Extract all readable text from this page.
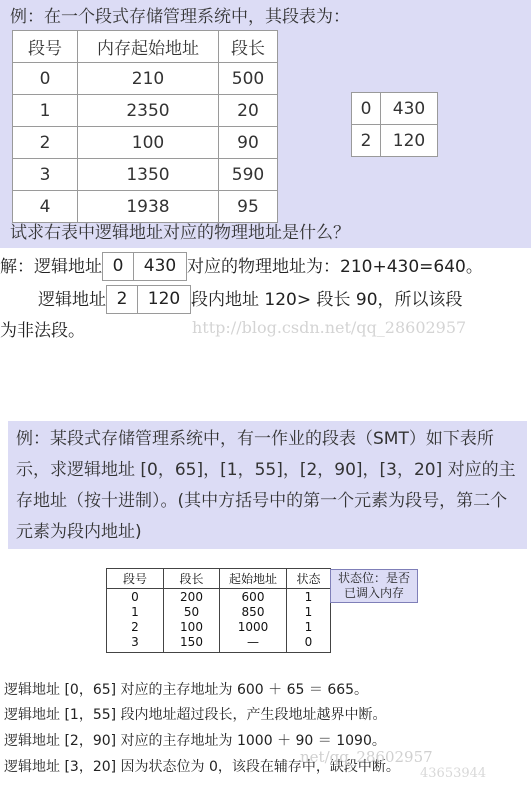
例：在一个段式存储管理系统中，其段表为：
段号	内存起始地址	段长
0	210	500
1	2350	20
2	100	90
3	1350	590
4	1938	95
0	430
2	120
试求右表中逻辑地址对应的物理地址是什么？
解：逻辑地址 0 430 对应的物理地址为：210+430=640。
逻辑地址 2 120 段内地址 120> 段长 90，所以该段
为非法段。	http://blog.csdn.net/qq_28602957
例：某段式存储管理系统中，有一作业的段表（SMT）如下表所示，求逻辑地址 [0，65]，[1，55]，[2，90]，[3，20] 对应的主存地址（按十进制）。(其中方括号中的第一个元素为段号，第二个元素为段内地址)
段号	段长	起始地址	状态
0	200	600	1
1	50	850	1
2	100	1000	1
3	150	—	0
状态位：是否
已调入内存
逻辑地址 [0，65] 对应的主存地址为 600 ＋ 65 ＝ 665。
逻辑地址 [1，55] 段内地址超过段长，产生段地址越界中断。
逻辑地址 [2，90] 对应的主存地址为 1000 ＋ 90 ＝ 1090。
逻辑地址 [3，20] 因为状态位为 0，该段在辅存中，缺段中断。
net/qq_28602957
43653944
